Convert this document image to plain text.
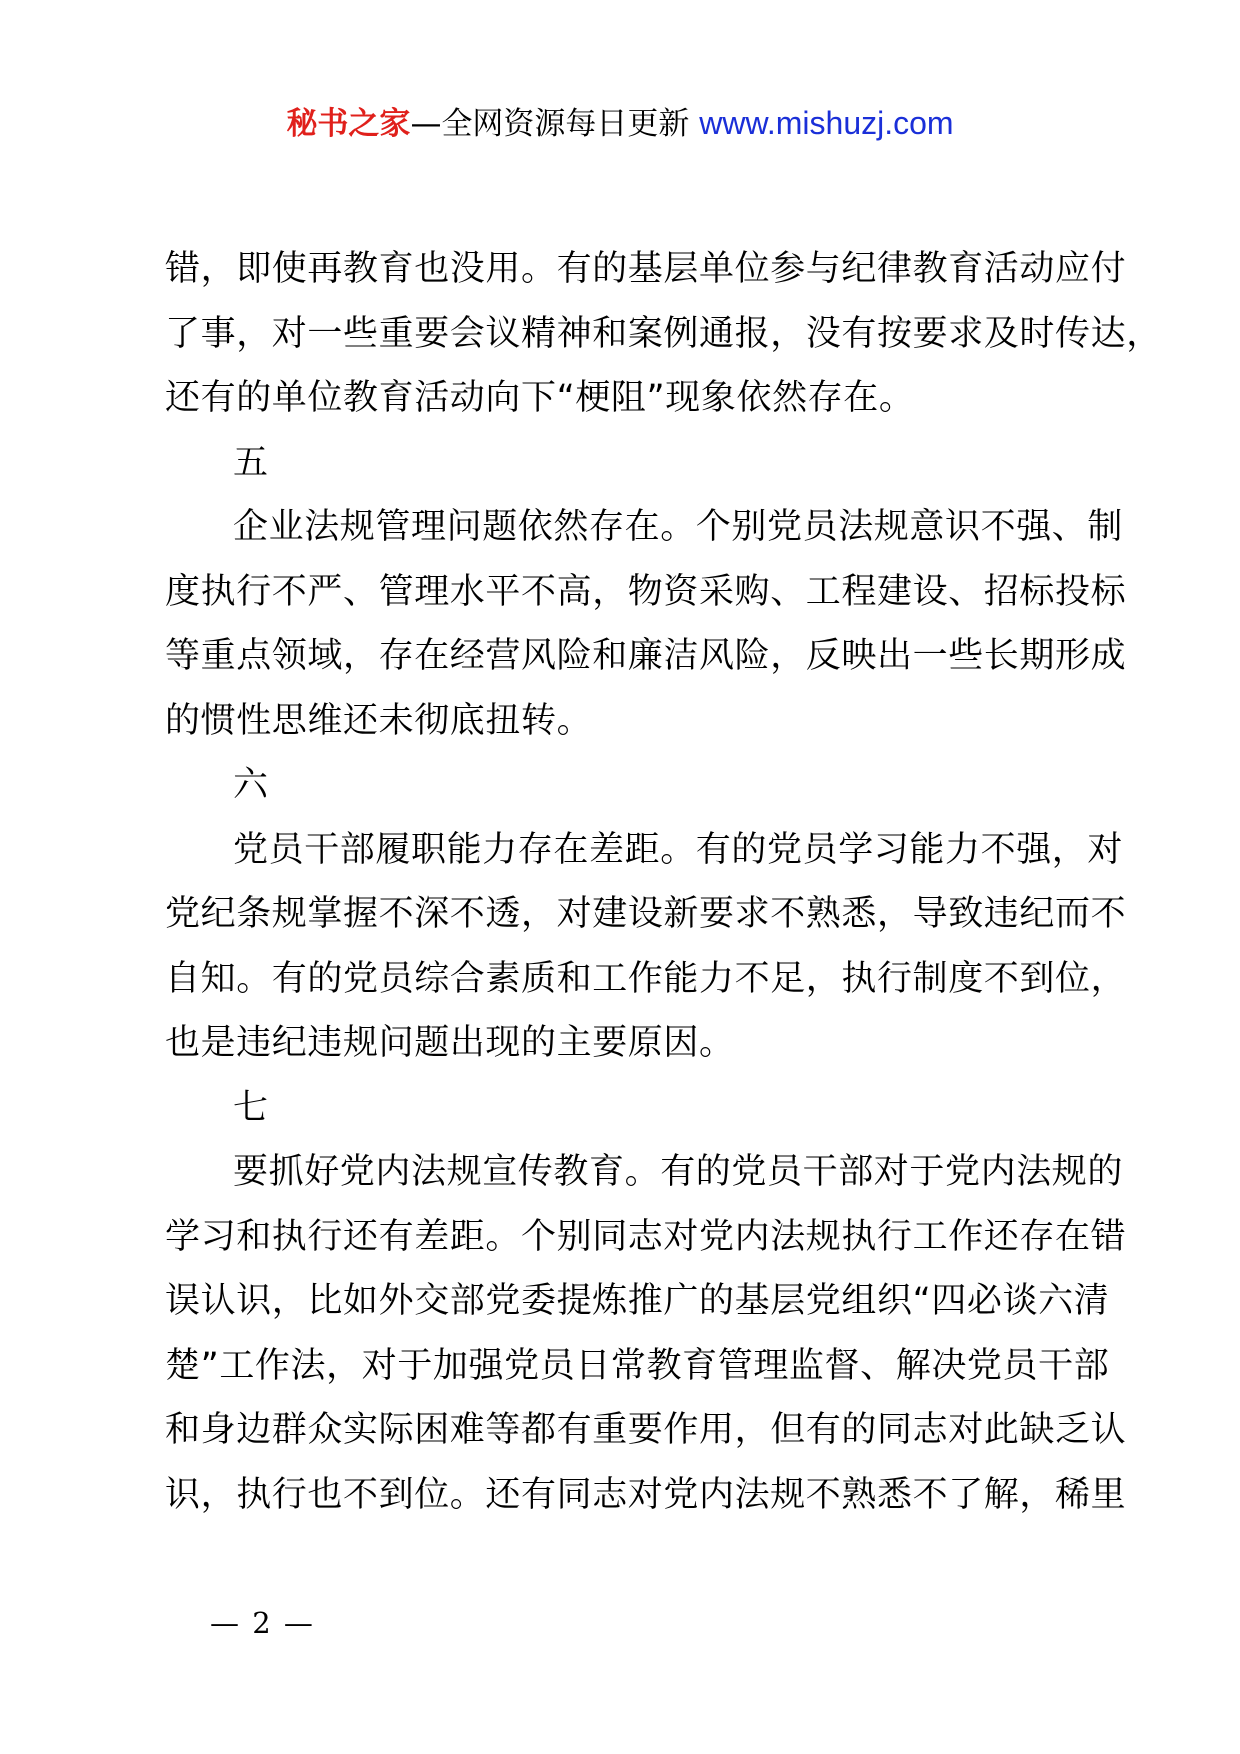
秘书之家—全网资源每日更新 www.mishuzj.com
错，即使再教育也没用。有的基层单位参与纪律教育活动应付
了事，对一些重要会议精神和案例通报，没有按要求及时传达，
还有的单位教育活动向下“梗阻”现象依然存在。
五
企业法规管理问题依然存在。个别党员法规意识不强、制
度执行不严、管理水平不高，物资采购、工程建设、招标投标
等重点领域，存在经营风险和廉洁风险，反映出一些长期形成
的惯性思维还未彻底扭转。
六
党员干部履职能力存在差距。有的党员学习能力不强，对
党纪条规掌握不深不透，对建设新要求不熟悉，导致违纪而不
自知。有的党员综合素质和工作能力不足，执行制度不到位，
也是违纪违规问题出现的主要原因。
七
要抓好党内法规宣传教育。有的党员干部对于党内法规的
学习和执行还有差距。个别同志对党内法规执行工作还存在错
误认识，比如外交部党委提炼推广的基层党组织“四必谈六清
楚”工作法，对于加强党员日常教育管理监督、解决党员干部
和身边群众实际困难等都有重要作用，但有的同志对此缺乏认
识，执行也不到位。还有同志对党内法规不熟悉不了解，稀里
— 2 —
